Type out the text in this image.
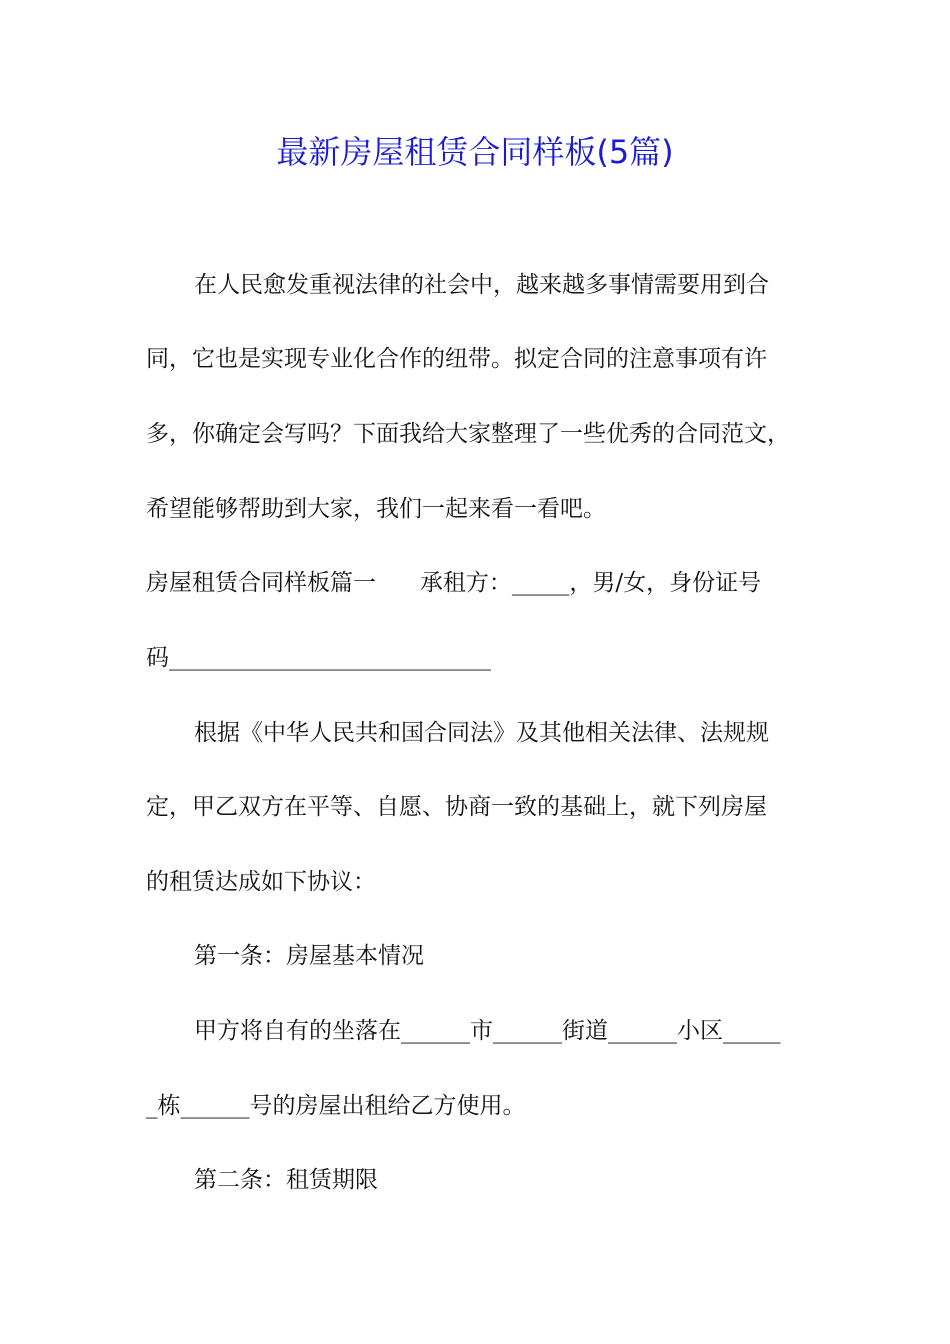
最新房屋租赁合同样板(5篇)
在人民愈发重视法律的社会中，越来越多事情需要用到合
同，它也是实现专业化合作的纽带。拟定合同的注意事项有许
多，你确定会写吗？下面我给大家整理了一些优秀的合同范文，
希望能够帮助到大家，我们一起来看一看吧。
房屋租赁合同样板篇一      承租方：_____，男/女，身份证号
码____________________________
根据《中华人民共和国合同法》及其他相关法律、法规规
定，甲乙双方在平等、自愿、协商一致的基础上，就下列房屋
的租赁达成如下协议：
第一条：房屋基本情况
甲方将自有的坐落在______市______街道______小区_____
_栋______号的房屋出租给乙方使用。
第二条：租赁期限
